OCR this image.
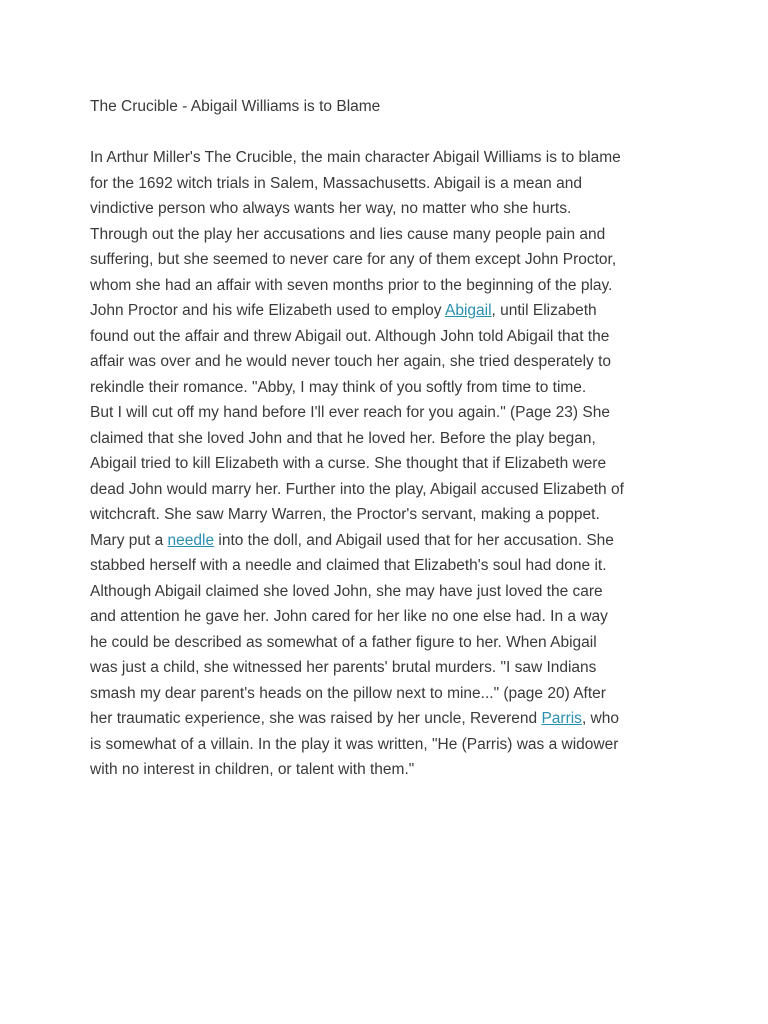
The Crucible - Abigail Williams is to Blame
In Arthur Miller's The Crucible, the main character Abigail Williams is to blame
for the 1692 witch trials in Salem, Massachusetts. Abigail is a mean and
vindictive person who always wants her way, no matter who she hurts.
Through out the play her accusations and lies cause many people pain and
suffering, but she seemed to never care for any of them except John Proctor,
whom she had an affair with seven months prior to the beginning of the play.
John Proctor and his wife Elizabeth used to employ Abigail, until Elizabeth
found out the affair and threw Abigail out. Although John told Abigail that the
affair was over and he would never touch her again, she tried desperately to
rekindle their romance. "Abby, I may think of you softly from time to time.
But I will cut off my hand before I'll ever reach for you again." (Page 23) She
claimed that she loved John and that he loved her. Before the play began,
Abigail tried to kill Elizabeth with a curse. She thought that if Elizabeth were
dead John would marry her. Further into the play, Abigail accused Elizabeth of
witchcraft. She saw Marry Warren, the Proctor's servant, making a poppet.
Mary put a needle into the doll, and Abigail used that for her accusation. She
stabbed herself with a needle and claimed that Elizabeth's soul had done it.
Although Abigail claimed she loved John, she may have just loved the care
and attention he gave her. John cared for her like no one else had. In a way
he could be described as somewhat of a father figure to her. When Abigail
was just a child, she witnessed her parents' brutal murders. "I saw Indians
smash my dear parent's heads on the pillow next to mine..." (page 20) After
her traumatic experience, she was raised by her uncle, Reverend Parris, who
is somewhat of a villain. In the play it was written, "He (Parris) was a widower
with no interest in children, or talent with them."
